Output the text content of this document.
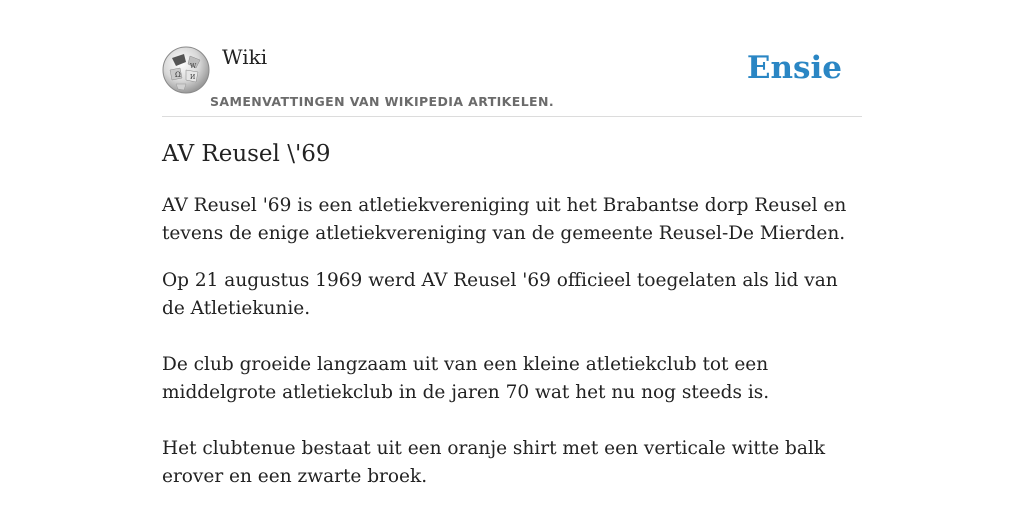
Ω
W
И
Wiki
SAMENVATTINGEN VAN WIKIPEDIA ARTIKELEN.
Ensie
AV Reusel \'69

AV Reusel '69 is een atletiekvereniging uit het Brabantse dorp Reusel en tevens de enige atletiekvereniging van de gemeente Reusel-De Mierden.

Op 21 augustus 1969 werd AV Reusel '69 officieel toegelaten als lid van de Atletiekunie.

De club groeide langzaam uit van een kleine atletiekclub tot een middelgrote atletiekclub in de jaren 70 wat het nu nog steeds is.

Het clubtenue bestaat uit een oranje shirt met een verticale witte balk erover en een zwarte broek.
